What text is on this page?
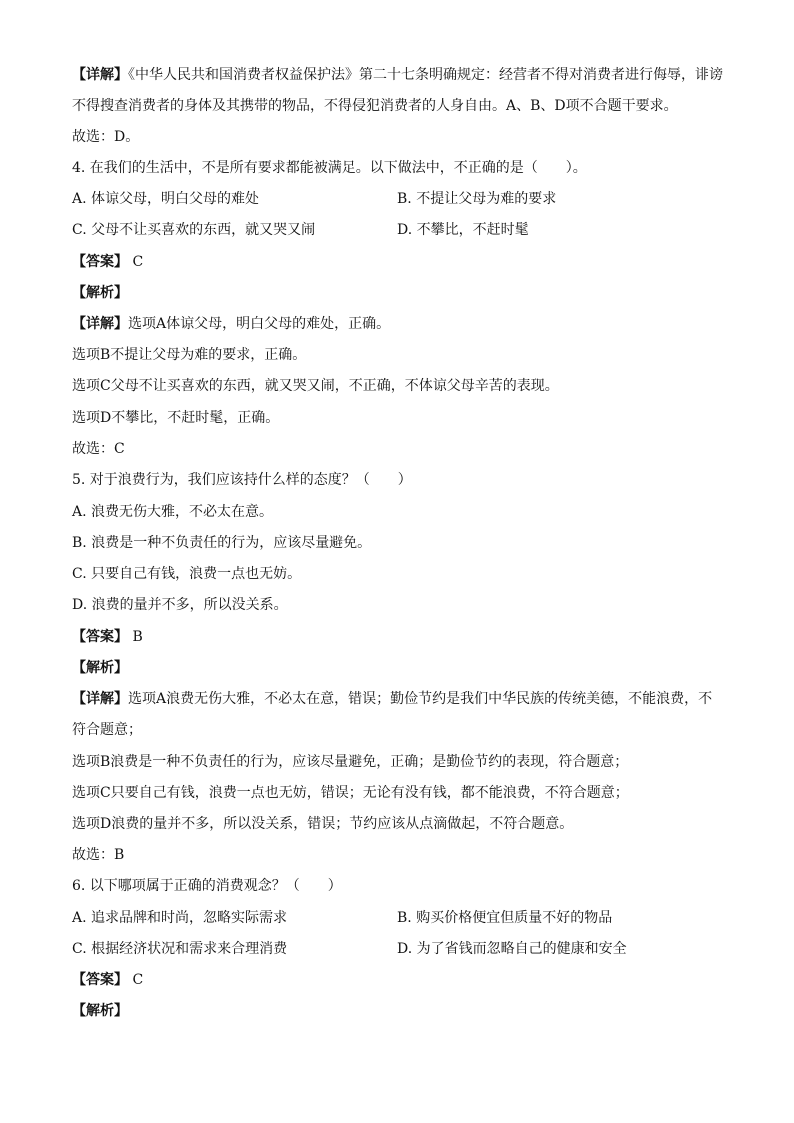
【详解】《中华人民共和国消费者权益保护法》第二十七条明确规定：经营者不得对消费者进行侮辱，诽谤
不得搜查消费者的身体及其携带的物品，不得侵犯消费者的人身自由。A、B、D项不合题干要求。
故选：D。
4. 在我们的生活中，不是所有要求都能被满足。以下做法中，不正确的是（　　）。
A. 体谅父母，明白父母的难处	B. 不提让父母为难的要求
C. 父母不让买喜欢的东西，就又哭又闹	D. 不攀比，不赶时髦
【答案】 C
【解析】
【详解】选项A体谅父母，明白父母的难处，正确。
选项B不提让父母为难的要求，正确。
选项C父母不让买喜欢的东西，就又哭又闹，不正确，不体谅父母辛苦的表现。
选项D不攀比，不赶时髦，正确。
故选：C
5. 对于浪费行为，我们应该持什么样的态度？（　　）
A. 浪费无伤大雅，不必太在意。
B. 浪费是一种不负责任的行为，应该尽量避免。
C. 只要自己有钱，浪费一点也无妨。
D. 浪费的量并不多，所以没关系。
【答案】 B
【解析】
【详解】选项A浪费无伤大雅，不必太在意，错误；勤俭节约是我们中华民族的传统美德，不能浪费，不
符合题意；
选项B浪费是一种不负责任的行为，应该尽量避免，正确；是勤俭节约的表现，符合题意；
选项C只要自己有钱，浪费一点也无妨，错误；无论有没有钱，都不能浪费，不符合题意；
选项D浪费的量并不多，所以没关系，错误；节约应该从点滴做起，不符合题意。
故选：B
6. 以下哪项属于正确的消费观念？（　　）
A. 追求品牌和时尚，忽略实际需求	B. 购买价格便宜但质量不好的物品
C. 根据经济状况和需求来合理消费	D. 为了省钱而忽略自己的健康和安全
【答案】 C
【解析】
